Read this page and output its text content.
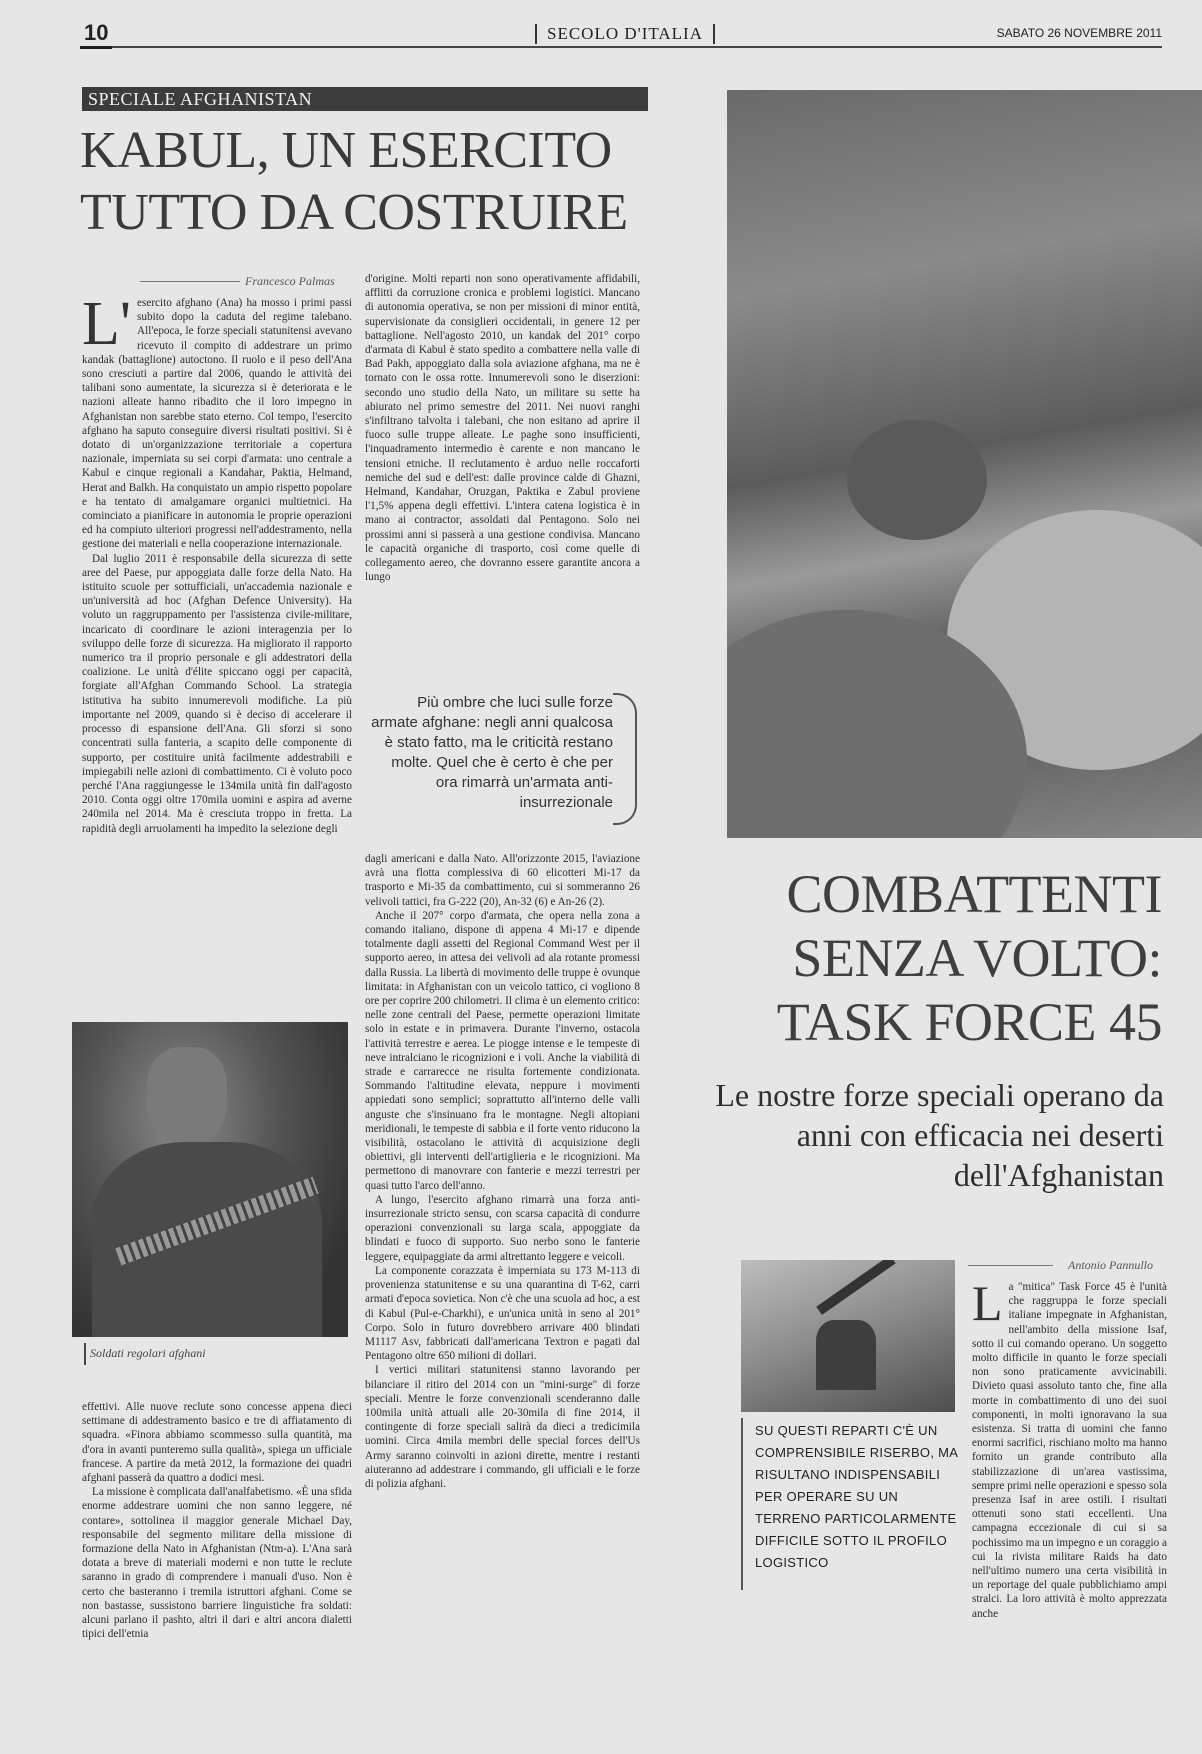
10	SECOLO D'ITALIA	SABATO 26 NOVEMBRE 2011
SPECIALE AFGHANISTAN
KABUL, UN ESERCITO TUTTO DA COSTRUIRE
Francesco Palmas
L' esercito afghano (Ana) ha mosso i primi passi subito dopo la caduta del regime talebano. All'epoca, le forze speciali statunitensi avevano ricevuto il compito di addestrare un primo kandak (battaglione) autoctono. Il ruolo e il peso dell'Ana sono cresciuti a partire dal 2006, quando le attività dei talibani sono aumentate, la sicurezza si è deteriorata e le nazioni alleate hanno ribadito che il loro impegno in Afghanistan non sarebbe stato eterno. Col tempo, l'esercito afghano ha saputo conseguire diversi risultati positivi. Si è dotato di un'organizzazione territoriale a copertura nazionale, imperniata su sei corpi d'armata: uno centrale a Kabul e cinque regionali a Kandahar, Paktia, Helmand, Herat and Balkh. Ha conquistato un ampio rispetto popolare e ha tentato di amalgamare organici multietnici. Ha cominciato a pianificare in autonomia le proprie operazioni ed ha compiuto ulteriori progressi nell'addestramento, nella gestione dei materiali e nella cooperazione internazionale.

Dal luglio 2011 è responsabile della sicurezza di sette aree del Paese, pur appoggiata dalle forze della Nato. Ha istituito scuole per sottufficiali, un'accademia nazionale e un'università ad hoc (Afghan Defence University). Ha voluto un raggruppamento per l'assistenza civile-militare, incaricato di coordinare le azioni interagenzia per lo sviluppo delle forze di sicurezza. Ha migliorato il rapporto numerico tra il proprio personale e gli addestratori della coalizione. Le unità d'élite spiccano oggi per capacità, forgiate all'Afghan Commando School. La strategia istitutiva ha subito innumerevoli modifiche. La più importante nel 2009, quando si è deciso di accelerare il processo di espansione dell'Ana. Gli sforzi si sono concentrati sulla fanteria, a scapito delle componente di supporto, per costituire unità facilmente addestrabili e impiegabili nelle azioni di combattimento. Ci è voluto poco perché l'Ana raggiungesse le 134mila unità fin dall'agosto 2010. Conta oggi oltre 170mila uomini e aspira ad averne 240mila nel 2014. Ma è cresciuta troppo in fretta. La rapidità degli arruolamenti ha impedito la selezione degli

Soldati regolari afghani

effettivi. Alle nuove reclute sono concesse appena dieci settimane di addestramento basico e tre di affiatamento di squadra. «Finora abbiamo scommesso sulla quantità, ma d'ora in avanti punteremo sulla qualità», spiega un ufficiale francese. A partire da metà 2012, la formazione dei quadri afghani passerà da quattro a dodici mesi.

La missione è complicata dall'analfabetismo. «È una sfida enorme addestrare uomini che non sanno leggere, né contare», sottolinea il maggior generale Michael Day, responsabile del segmento militare della missione di formazione della Nato in Afghanistan (Ntm-a). L'Ana sarà dotata a breve di materiali moderni e non tutte le reclute saranno in grado di comprendere i manuali d'uso. Non è certo che basteranno i tremila istruttori afghani. Come se non bastasse, sussistono barriere linguistiche fra soldati: alcuni parlano il pashto, altri il dari e altri ancora dialetti tipici dell'etnia

d'origine. Molti reparti non sono operativamente affidabili, afflitti da corruzione cronica e problemi logistici. Mancano di autonomia operativa, se non per missioni di minor entità, supervisionate da consiglieri occidentali, in genere 12 per battaglione. Nell'agosto 2010, un kandak del 201° corpo d'armata di Kabul è stato spedito a combattere nella valle di Bad Pakh, appoggiato dalla sola aviazione afghana, ma ne è tornato con le ossa rotte. Innumerevoli sono le diserzioni: secondo uno studio della Nato, un militare su sette ha abiurato nel primo semestre del 2011. Nei nuovi ranghi s'infiltrano talvolta i talebani, che non esitano ad aprire il fuoco sulle truppe alleate. Le paghe sono insufficienti, l'inquadramento intermedio è carente e non mancano le tensioni etniche. Il reclutamento è arduo nelle roccaforti nemiche del sud e dell'est: dalle province calde di Ghazni, Helmand, Kandahar, Oruzgan, Paktika e Zabul proviene l'1,5% appena degli effettivi. L'intera catena logistica è in mano ai contractor, assoldati dal Pentagono. Solo nei prossimi anni si passerà a una gestione condivisa. Mancano le capacità organiche di trasporto, così come quelle di collegamento aereo, che dovranno essere garantite ancora a lungo

Più ombre che luci sulle forze armate afghane: negli anni qualcosa è stato fatto, ma le criticità restano molte. Quel che è certo è che per ora rimarrà un'armata anti-insurrezionale

dagli americani e dalla Nato. All'orizzonte 2015, l'aviazione avrà una flotta complessiva di 60 elicotteri Mi-17 da trasporto e Mi-35 da combattimento, cui si sommeranno 26 velivoli tattici, fra G-222 (20), An-32 (6) e An-26 (2).

Anche il 207° corpo d'armata, che opera nella zona a comando italiano, dispone di appena 4 Mi-17 e dipende totalmente dagli assetti del Regional Command West per il supporto aereo, in attesa dei velivoli ad ala rotante promessi dalla Russia. La libertà di movimento delle truppe è ovunque limitata: in Afghanistan con un veicolo tattico, ci vogliono 8 ore per coprire 200 chilometri. Il clima è un elemento critico: nelle zone centrali del Paese, permette operazioni limitate solo in estate e in primavera. Durante l'inverno, ostacola l'attività terrestre e aerea. Le piogge intense e le tempeste di neve intralciano le ricognizioni e i voli. Anche la viabilità di strade e carrarecce ne risulta fortemente condizionata. Sommando l'altitudine elevata, neppure i movimenti appiedati sono semplici; soprattutto all'interno delle valli anguste che s'insinuano fra le montagne. Negli altopiani meridionali, le tempeste di sabbia e il forte vento riducono la visibilità, ostacolano le attività di acquisizione degli obiettivi, gli interventi dell'artiglieria e le ricognizioni. Ma permettono di manovrare con fanterie e mezzi terrestri per quasi tutto l'arco dell'anno.

A lungo, l'esercito afghano rimarrà una forza anti-insurrezionale stricto sensu, con scarsa capacità di condurre operazioni convenzionali su larga scala, appoggiate da blindati e fuoco di supporto. Suo nerbo sono le fanterie leggere, equipaggiate da armi altrettanto leggere e veicoli.

La componente corazzata è imperniata su 173 M-113 di provenienza statunitense e su una quarantina di T-62, carri armati d'epoca sovietica. Non c'è che una scuola ad hoc, a est di Kabul (Pul-e-Charkhi), e un'unica unità in seno al 201° Corpo. Solo in futuro dovrebbero arrivare 400 blindati M1117 Asv, fabbricati dall'americana Textron e pagati dal Pentagono oltre 650 milioni di dollari.

I vertici militari statunitensi stanno lavorando per bilanciare il ritiro del 2014 con un "mini-surge" di forze speciali. Mentre le forze convenzionali scenderanno dalle 100mila unità attuali alle 20-30mila di fine 2014, il contingente di forze speciali salirà da dieci a tredicimila uomini. Circa 4mila membri delle special forces dell'Us Army saranno coinvolti in azioni dirette, mentre i restanti aiuteranno ad addestrare i commando, gli ufficiali e le forze di polizia afghani.

COMBATTENTI SENZA VOLTO: TASK FORCE 45
Le nostre forze speciali operano da anni con efficacia nei deserti dell'Afghanistan
Antonio Pannullo
SU QUESTI REPARTI C'È UN COMPRENSIBILE RISERBO, MA RISULTANO INDISPENSABILI PER OPERARE SU UN TERRENO PARTICOLARMENTE DIFFICILE SOTTO IL PROFILO LOGISTICO
L a "mitica" Task Force 45 è l'unità che raggruppa le forze speciali italiane impegnate in Afghanistan, nell'ambito della missione Isaf, sotto il cui comando operano. Un soggetto molto difficile in quanto le forze speciali non sono praticamente avvicinabili. Divieto quasi assoluto tanto che, fine alla morte in combattimento di uno dei suoi componenti, in molti ignoravano la sua esistenza. Si tratta di uomini che fanno enormi sacrifici, rischiano molto ma hanno fornito un grande contributo alla stabilizzazione di un'area vastissima, sempre primi nelle operazioni e spesso sola presenza Isaf in aree ostili. I risultati ottenuti sono stati eccellenti. Una campagna eccezionale di cui si sa pochissimo ma un impegno e un coraggio a cui la rivista militare Raids ha dato nell'ultimo numero una certa visibilità in un reportage del quale pubblichiamo ampi stralci. La loro attività è molto apprezzata anche
